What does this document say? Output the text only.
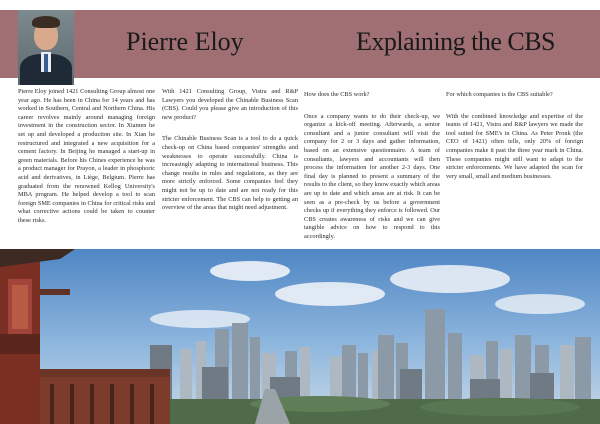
Pierre Eloy	Explaining the CBS

Pierre Eloy joined 1421 Consulting Group almost one year ago. He has been in China for 14 years and has worked in Southern, Central and Northern China. His career revolves mainly around managing foreign investment in the construction sector. In Xiamen he set up and developed a production site. In Xian he restructured and integrated a new acquisition for a cement factory. In Beijing he managed a start-up in green materials. Before his Chines experience he was a product manager for Prayon, a leader in phosphoric acid and derivatives, in Liège, Belgium. Pierre has graduated from the renowned Kellog University's MBA program. He helped develop a tool to scan foreign SME companies in China for critical risks and what corrective actions could be taken to counter these risks.

With 1421 Consulting Group, Vistra and R&P Lawyers you developed the Chinable Business Scan (CBS). Could you please give an introduction of this new product?

The Chinable Business Scan is a tool to do a quick check-up on China based companies' strengths and weaknesses to operate successfully. China is increasingly adapting to international business. This change results in rules and regulations, as they are more strictly enforced. Some companies feel they might not be up to date and are not ready for this stricter enforcement. The CBS can help to getting an overview of the areas that might need adjustment.

How does the CBS work?

Once a company wants to do their check-up, we organize a kick-off meeting. Afterwards, a senior consultant and a junior consultant will visit the company for 2 or 3 days and gather information, based on an extensive questionnaire. A team of consultants, lawyers and accountants will then process the information for another 2-3 days. One final day is planned to present a summary of the results to the client, so they know exactly which areas are up to date and which areas are at risk. It can be seen as a pre-check by us before a government checks up if everything they enforce is followed. Our CBS creates awareness of risks and we can give tangible advice on how to respond to this accordingly.

For which companies is the CBS suitable?

With the combined knowledge and expertise of the teams of 1421, Vistra and R&P lawyers we made the tool suited for SME's in China. As Peter Pronk (the CEO of 1421) often tells, only 20% of foreign companies make it past the three year mark in China. These companies might still want to adapt to the stricter enforcements. We have adapted the scan for very small, small and medium businesses.
